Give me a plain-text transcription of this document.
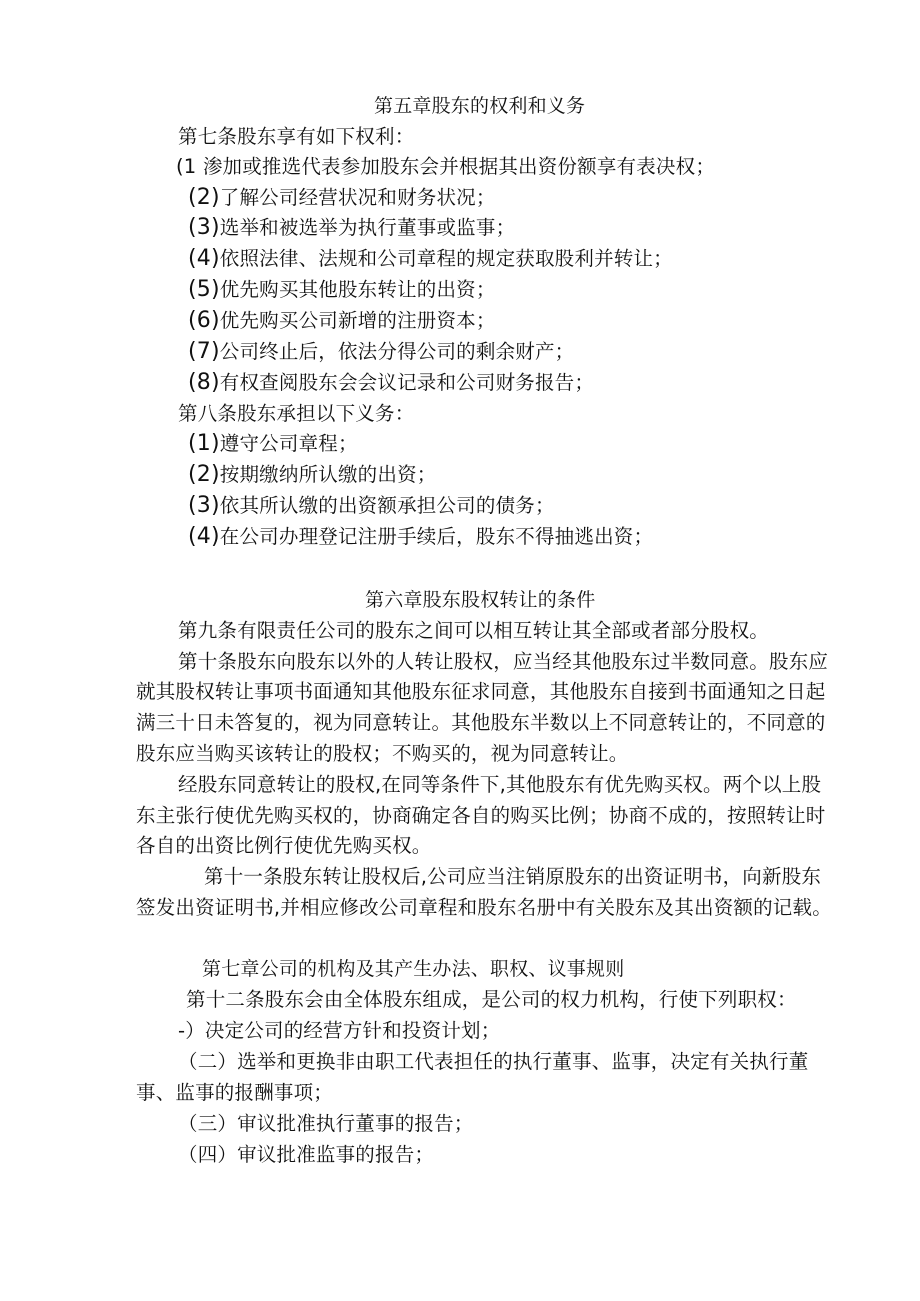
第五章股东的权利和义务
第七条股东享有如下权利：
(1 渗加或推选代表参加股东会并根据其出资份额享有表决权；
(2)了解公司经营状况和财务状况；
(3)选举和被选举为执行董事或监事；
(4)依照法律、法规和公司章程的规定获取股利并转让；
(5)优先购买其他股东转让的出资；
(6)优先购买公司新增的注册资本；
(7)公司终止后，依法分得公司的剩余财产；
(8)有权查阅股东会会议记录和公司财务报告；
第八条股东承担以下义务：
(1)遵守公司章程；
(2)按期缴纳所认缴的出资；
(3)依其所认缴的出资额承担公司的债务；
(4)在公司办理登记注册手续后，股东不得抽逃出资；
第六章股东股权转让的条件
第九条有限责任公司的股东之间可以相互转让其全部或者部分股权。
第十条股东向股东以外的人转让股权，应当经其他股东过半数同意。股东应
就其股权转让事项书面通知其他股东征求同意，其他股东自接到书面通知之日起
满三十日未答复的，视为同意转让。其他股东半数以上不同意转让的，不同意的
股东应当购买该转让的股权；不购买的，视为同意转让。
经股东同意转让的股权,在同等条件下,其他股东有优先购买权。两个以上股
东主张行使优先购买权的，协商确定各自的购买比例；协商不成的，按照转让时
各自的出资比例行使优先购买权。
第十一条股东转让股权后,公司应当注销原股东的出资证明书，向新股东
签发出资证明书,并相应修改公司章程和股东名册中有关股东及其出资额的记载。
第七章公司的机构及其产生办法、职权、议事规则
第十二条股东会由全体股东组成，是公司的权力机构，行使下列职权：
-）决定公司的经营方针和投资计划；
（二）选举和更换非由职工代表担任的执行董事、监事，决定有关执行董
事、监事的报酬事项；
（三）审议批准执行董事的报告；
（四）审议批准监事的报告；
